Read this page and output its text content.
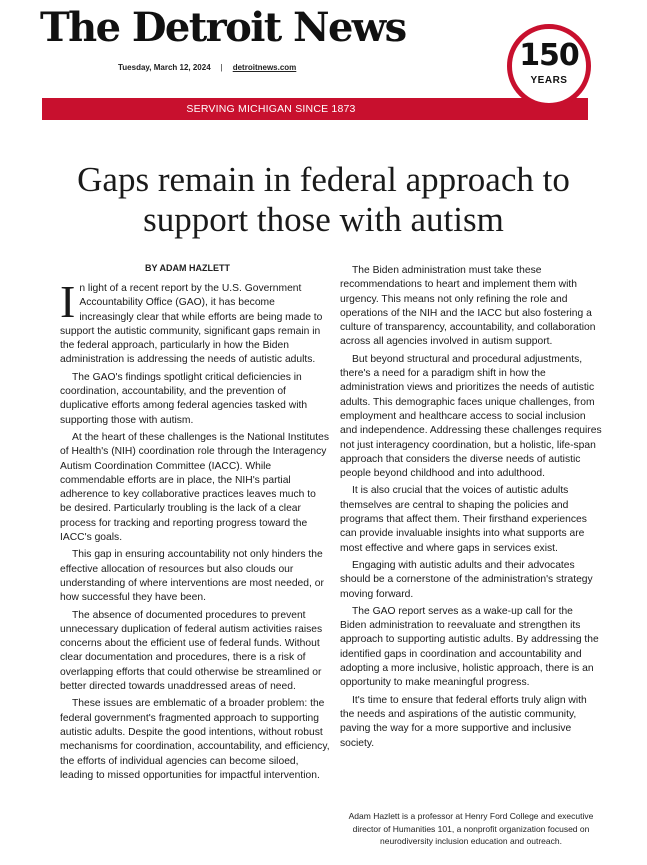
The Detroit News
Tuesday, March 12, 2024 | detroitnews.com
SERVING MICHIGAN SINCE 1873
150
YEARS
Gaps remain in federal approach to support those with autism
BY ADAM HAZLETT

In light of a recent report by the U.S. Government Accountability Office (GAO), it has become increasingly clear that while efforts are being made to support the autistic community, significant gaps remain in the federal approach, particularly in how the Biden administration is addressing the needs of autistic adults.

The GAO's findings spotlight critical deficiencies in coordination, accountability, and the prevention of duplicative efforts among federal agencies tasked with supporting those with autism.

At the heart of these challenges is the National Institutes of Health's (NIH) coordination role through the Interagency Autism Coordination Committee (IACC). While commendable efforts are in place, the NIH's partial adherence to key collaborative practices leaves much to be desired. Particularly troubling is the lack of a clear process for tracking and reporting progress toward the IACC's goals.

This gap in ensuring accountability not only hinders the effective allocation of resources but also clouds our understanding of where interventions are most needed, or how successful they have been.

The absence of documented procedures to prevent unnecessary duplication of federal autism activities raises concerns about the efficient use of federal funds. Without clear documentation and procedures, there is a risk of overlapping efforts that could otherwise be streamlined or better directed towards unaddressed areas of need.

These issues are emblematic of a broader problem: the federal government's fragmented approach to supporting autistic adults. Despite the good intentions, without robust mechanisms for coordination, accountability, and efficiency, the efforts of individual agencies can become siloed, leading to missed opportunities for impactful intervention.

The Biden administration must take these recommendations to heart and implement them with urgency. This means not only refining the role and operations of the NIH and the IACC but also fostering a culture of transparency, accountability, and collaboration across all agencies involved in autism support.

But beyond structural and procedural adjustments, there's a need for a paradigm shift in how the administration views and prioritizes the needs of autistic adults. This demographic faces unique challenges, from employment and healthcare access to social inclusion and independence. Addressing these challenges requires not just interagency coordination, but a holistic, life-span approach that considers the diverse needs of autistic people beyond childhood and into adulthood.

It is also crucial that the voices of autistic adults themselves are central to shaping the policies and programs that affect them. Their firsthand experiences can provide invaluable insights into what supports are most effective and where gaps in services exist.

Engaging with autistic adults and their advocates should be a cornerstone of the administration's strategy moving forward.

The GAO report serves as a wake-up call for the Biden administration to reevaluate and strengthen its approach to supporting autistic adults. By addressing the identified gaps in coordination and accountability and adopting a more inclusive, holistic approach, there is an opportunity to make meaningful progress.

It's time to ensure that federal efforts truly align with the needs and aspirations of the autistic community, paving the way for a more supportive and inclusive society.

Adam Hazlett is a professor at Henry Ford College and executive director of Humanities 101, a nonprofit organization focused on neurodiversity inclusion education and outreach.
